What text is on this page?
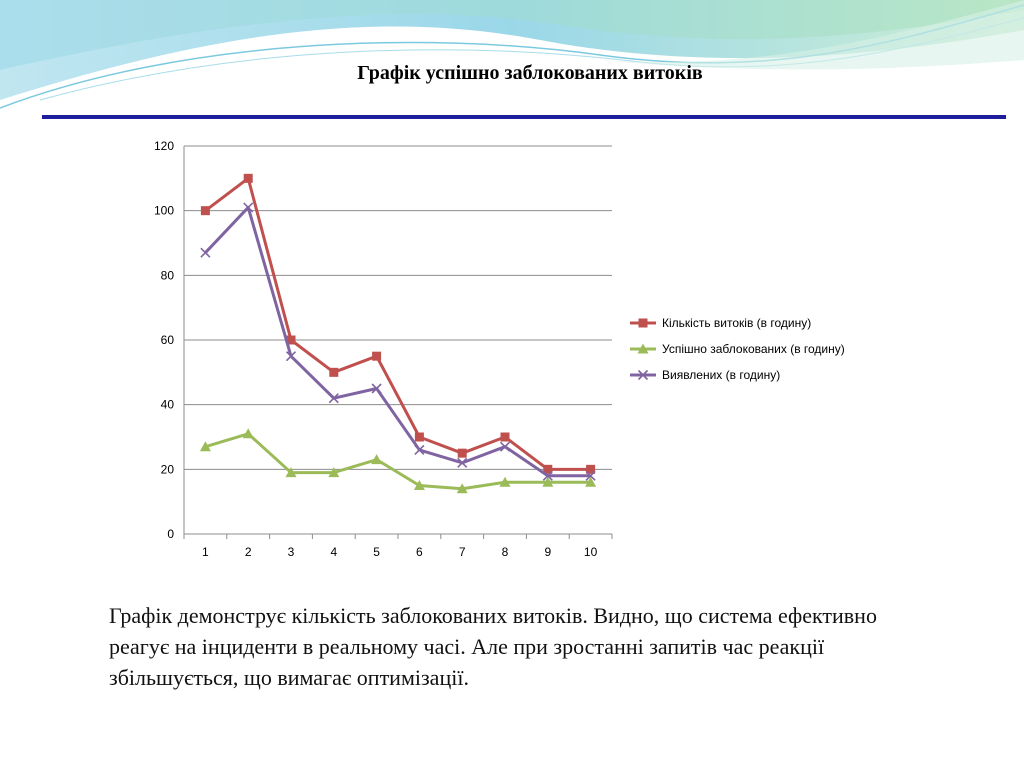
Графік успішно заблокованих витоків
0
20
40
60
80
100
120
1	2	3	4	5	6	7	8	9	10
Кількість витоків (в годину)
Успішно заблокованих (в годину)
Виявлених (в годину)

Графік демонструє кількість заблокованих витоків. Видно, що система ефективно реагує на інциденти в реальному часі. Але при зростанні запитів час реакції збільшується, що вимагає оптимізації.
